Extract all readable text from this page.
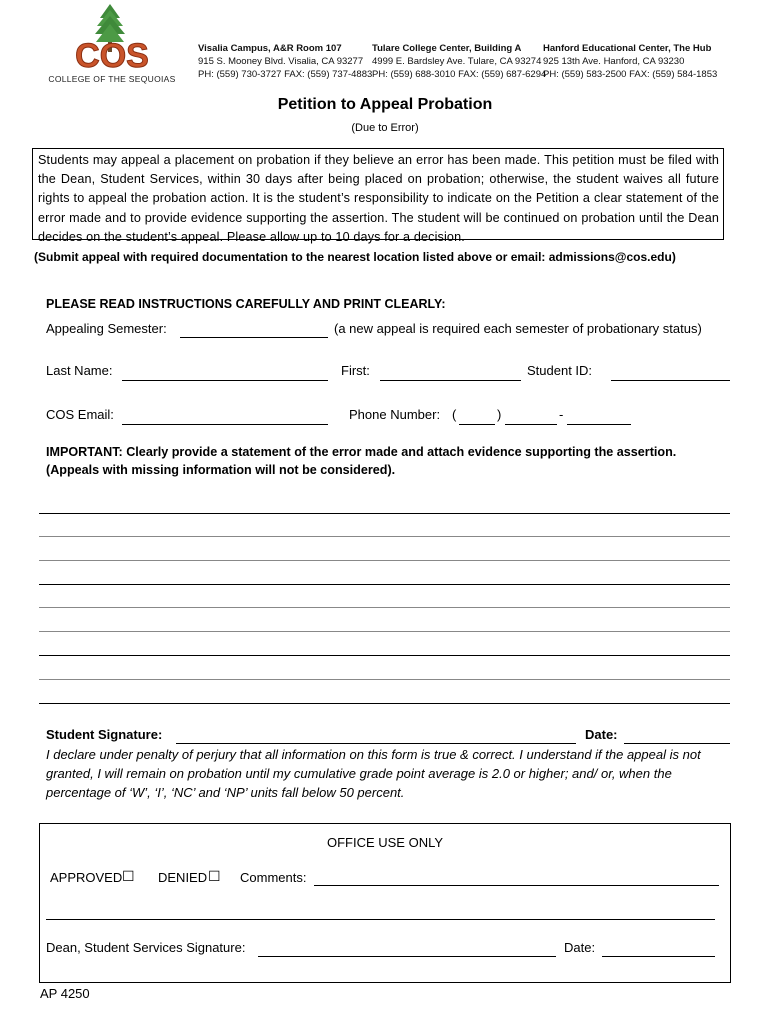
COS
COLLEGE OF THE SEQUOIAS
Visalia Campus, A&R Room 107
915 S. Mooney Blvd. Visalia, CA 93277
PH: (559) 730-3727 FAX: (559) 737-4883
Tulare College Center, Building A
4999 E. Bardsley Ave. Tulare, CA 93274
PH: (559) 688-3010 FAX: (559) 687-6294
Hanford Educational Center, The Hub
925 13th Ave. Hanford, CA 93230
PH: (559) 583-2500 FAX: (559) 584-1853
Petition to Appeal Probation
(Due to Error)
Students may appeal a placement on probation if they believe an error has been made. This petition must be filed with the Dean, Student Services, within 30 days after being placed on probation; otherwise, the student waives all future rights to appeal the probation action. It is the student’s responsibility to indicate on the Petition a clear statement of the error made and to provide evidence supporting the assertion. The student will be continued on probation until the Dean decides on the student’s appeal. Please allow up to 10 days for a decision.
(Submit appeal with required documentation to the nearest location listed above or email: admissions@cos.edu)
PLEASE READ INSTRUCTIONS CAREFULLY AND PRINT CLEARLY:
Appealing Semester:	(a new appeal is required each semester of probationary status)
Last Name:	First:	Student ID:
COS Email:	Phone Number: (	)	-
IMPORTANT: Clearly provide a statement of the error made and attach evidence supporting the assertion.
(Appeals with missing information will not be considered).
Student Signature:	Date:
I declare under penalty of perjury that all information on this form is true & correct. I understand if the appeal is not granted, I will remain on probation until my cumulative grade point average is 2.0 or higher; and/ or, when the percentage of ‘W’, ‘I’, ‘NC’ and ‘NP’ units fall below 50 percent.
OFFICE USE ONLY
APPROVED ☐ DENIED ☐ Comments:
Dean, Student Services Signature:	Date:
AP 4250
